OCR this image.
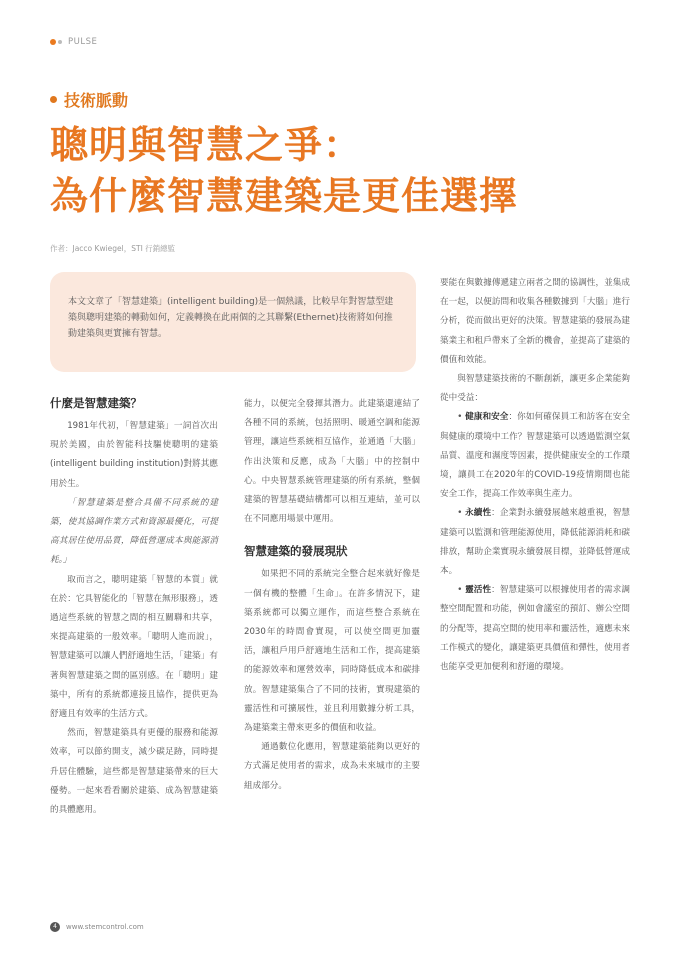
PULSE
技術脈動
聰明與智慧之爭：
為什麼智慧建築是更佳選擇
作者：Jacco Kwiegel，STI 行銷總監
本文文章了「智慧建築」(intelligent building)是一個熱議，比較早年對智慧型建築與聰明建築的轉動如何，定義轉換在此兩個的之其聯繫(Ethernet)技術將如何推動建築與更實擁有智慧。
什麼是智慧建築？

1981年代初，「智慧建築」一詞首次出現於美國，由於智能科技驅使聰明的建築(intelligent building institution)對將其應用於生。

「智慧建築是整合具備不同系統的建築，使其協調作業方式和資源最優化，可提高其居住使用品質，降低營運成本與能源消耗。」

取而言之，聰明建築「智慧的本質」就在於：它具智能化的「智慧在無形服務」，透過這些系統的智慧之間的相互關聯和共享，來提高建築的一般效率。「聰明人進而說」，智慧建築可以讓人們舒適地生活，「建築」有著與智慧建築之間的區別感。在「聰明」建築中，所有的系統都連接且協作，提供更為舒適且有效率的生活方式。

然而，智慧建築具有更優的服務和能源效率，可以節約開支，減少碳足跡，同時提升居住體驗，這些都是智慧建築帶來的巨大優勢。一起來看看關於建築、成為智慧建築的具體應用。

能力，以便完全發揮其潛力。此建築還連結了各種不同的系統，包括照明、暖通空調和能源管理，讓這些系統相互協作，並通過「大腦」作出決策和反應，成為「大腦」中的控制中心。中央智慧系統管理建築的所有系統，整個建築的智慧基礎結構都可以相互連結，並可以在不同應用場景中運用。

智慧建築的發展現狀

如果把不同的系統完全整合起來就好像是一個有機的整體「生命」。在許多情況下，建築系統都可以獨立運作，而這些整合系統在2030年的時間會實現，可以使空間更加靈活，讓租戶用戶舒適地生活和工作，提高建築的能源效率和運營效率，同時降低成本和碳排放。智慧建築集合了不同的技術，實現建築的靈活性和可擴展性，並且利用數據分析工具，為建築業主帶來更多的價值和收益。

通過數位化應用，智慧建築能夠以更好的方式滿足使用者的需求，成為未來城市的主要組成部分。

要能在與數據傳遞建立兩者之間的協調性，並集成在一起，以便訪問和收集各種數據到「大腦」進行分析，從而做出更好的決策。智慧建築的發展為建築業主和租戶帶來了全新的機會，並提高了建築的價值和效能。

與智慧建築技術的不斷創新，讓更多企業能夠從中受益：

• 健康和安全：你如何確保員工和訪客在安全與健康的環境中工作？智慧建築可以透過監測空氣品質、溫度和濕度等因素，提供健康安全的工作環境，讓員工在2020年的COVID-19疫情期間也能安全工作，提高工作效率與生產力。

• 永續性：企業對永續發展越來越重視，智慧建築可以監測和管理能源使用，降低能源消耗和碳排放，幫助企業實現永續發展目標，並降低營運成本。

• 靈活性：智慧建築可以根據使用者的需求調整空間配置和功能，例如會議室的預訂、辦公空間的分配等，提高空間的使用率和靈活性，適應未來工作模式的變化，讓建築更具價值和彈性，使用者也能享受更加便利和舒適的環境。

4	www.stemcontrol.com
